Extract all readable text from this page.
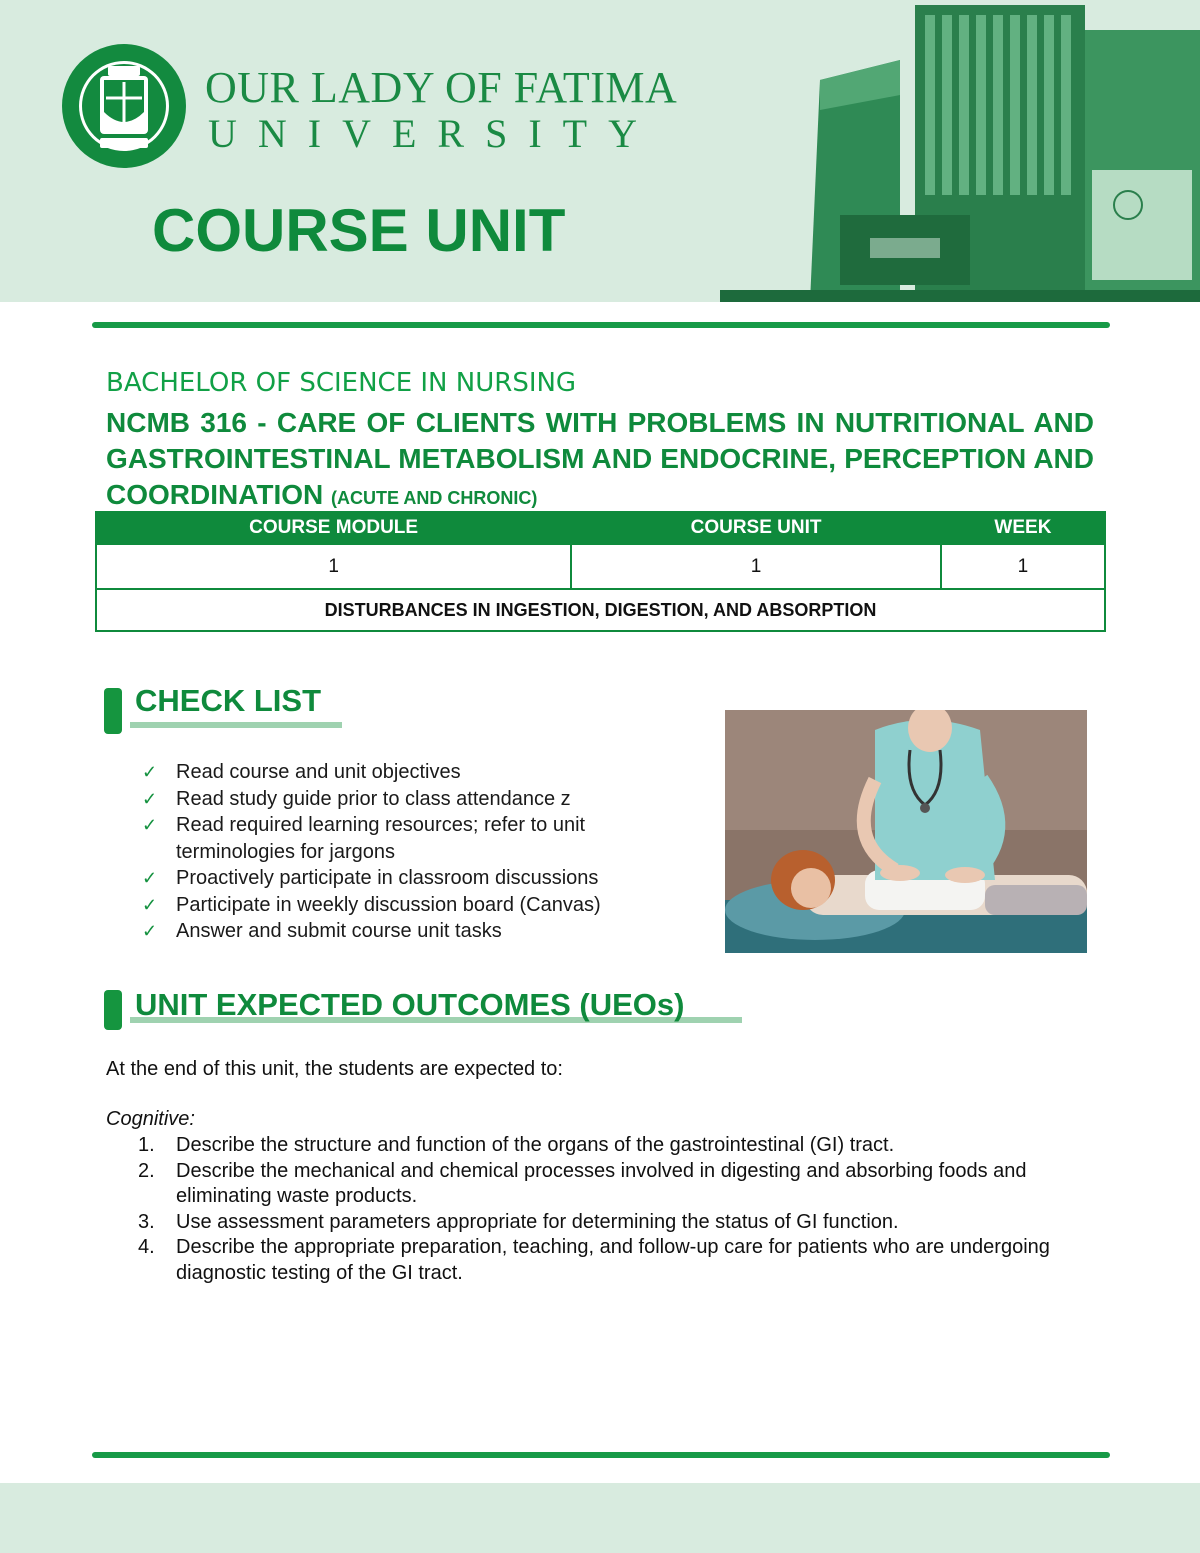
OUR LADY OF FATIMA
UNIVERSITY
COURSE UNIT
BACHELOR OF SCIENCE IN NURSING
NCMB 316 - CARE OF CLIENTS WITH PROBLEMS IN NUTRITIONAL AND GASTROINTESTINAL METABOLISM AND ENDOCRINE, PERCEPTION AND COORDINATION (ACUTE AND CHRONIC)
COURSE MODULE	COURSE UNIT	WEEK
1	1	1
DISTURBANCES IN INGESTION, DIGESTION, AND ABSORPTION		
CHECK LIST
✓ Read course and unit objectives
✓ Read study guide prior to class attendance z
✓ Read required learning resources; refer to unit terminologies for jargons
✓ Proactively participate in classroom discussions
✓ Participate in weekly discussion board (Canvas)
✓ Answer and submit course unit tasks
UNIT EXPECTED OUTCOMES (UEOs)
At the end of this unit, the students are expected to:
Cognitive:
1. Describe the structure and function of the organs of the gastrointestinal (GI) tract.
2. Describe the mechanical and chemical processes involved in digesting and absorbing foods and eliminating waste products.
3. Use assessment parameters appropriate for determining the status of GI function.
4. Describe the appropriate preparation, teaching, and follow-up care for patients who are undergoing diagnostic testing of the GI tract.
